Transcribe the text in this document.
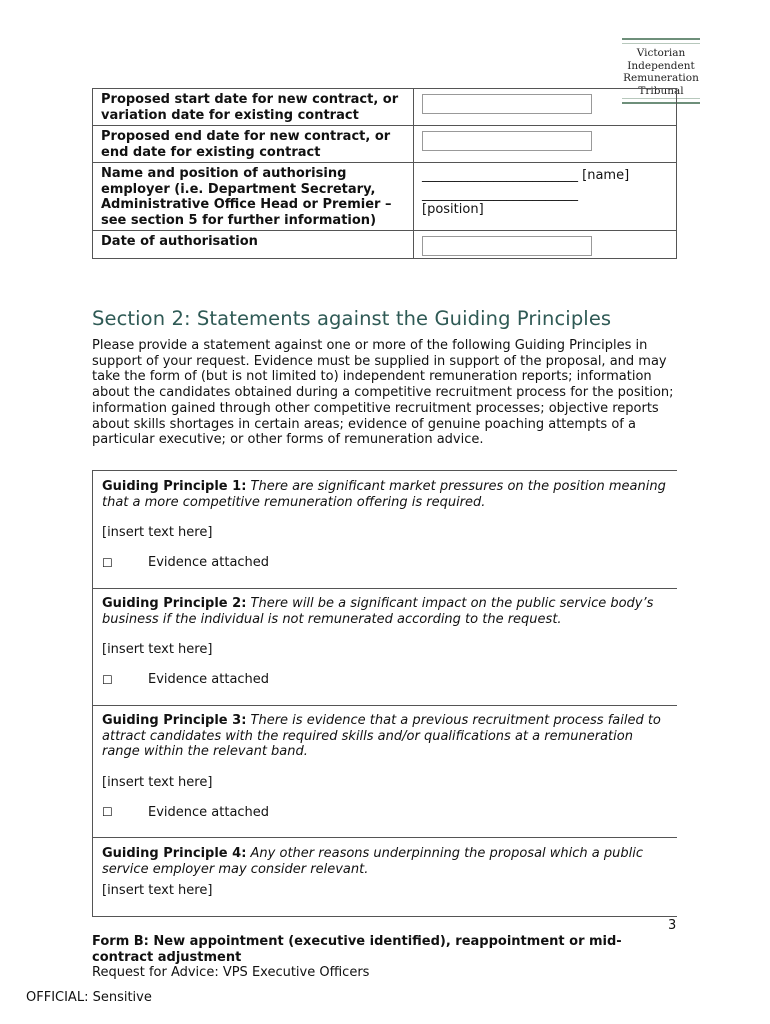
Victorian
Independent
Remuneration
Tribunal
Proposed start date for new contract, or variation date for existing contract	

Proposed end date for new contract, or end date for existing contract	

Name and position of authorising employer (i.e. Department Secretary, Administrative Office Head or Premier – see section 5 for further information)	________________________ [name]
________________________
[position]

Date of authorisation	
Section 2: Statements against the Guiding Principles
Please provide a statement against one or more of the following Guiding Principles in support of your request. Evidence must be supplied in support of the proposal, and may take the form of (but is not limited to) independent remuneration reports; information about the candidates obtained during a competitive recruitment process for the position; information gained through other competitive recruitment processes; objective reports about skills shortages in certain areas; evidence of genuine poaching attempts of a particular executive; or other forms of remuneration advice.
Guiding Principle 1: There are significant market pressures on the position meaning that a more competitive remuneration offering is required.
[insert text here]
☐	Evidence attached
Guiding Principle 2: There will be a significant impact on the public service body’s business if the individual is not remunerated according to the request.
[insert text here]
☐	Evidence attached
Guiding Principle 3: There is evidence that a previous recruitment process failed to attract candidates with the required skills and/or qualifications at a remuneration range within the relevant band.
[insert text here]
☐	Evidence attached
Guiding Principle 4: Any other reasons underpinning the proposal which a public service employer may consider relevant.
[insert text here]
3
Form B: New appointment (executive identified), reappointment or mid-contract adjustment
Request for Advice: VPS Executive Officers
OFFICIAL: Sensitive
